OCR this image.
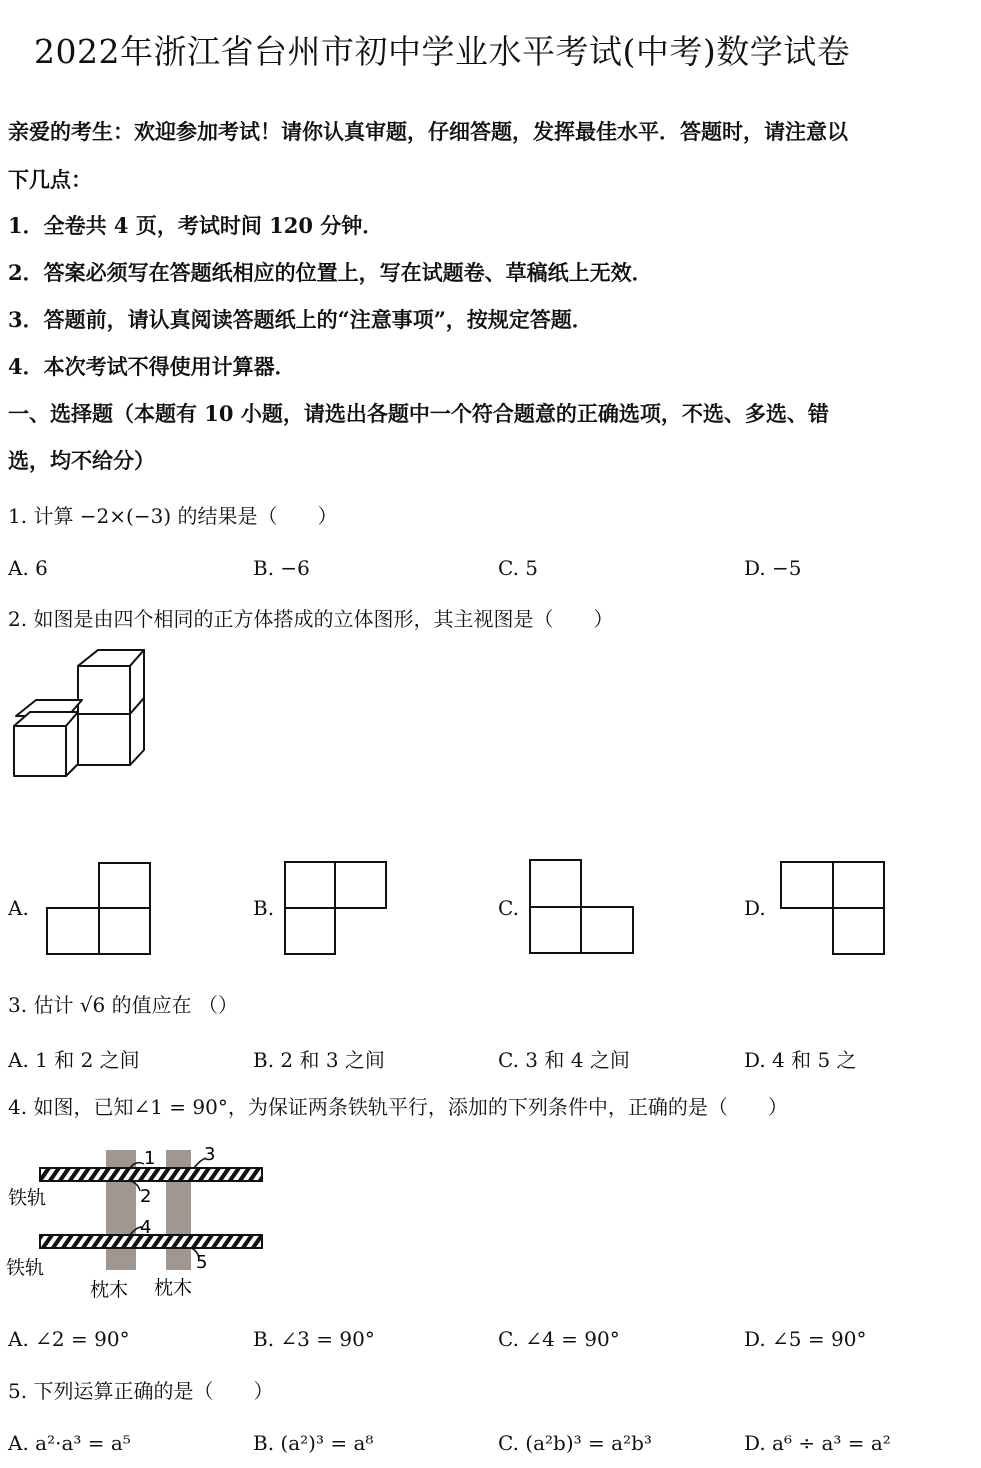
2022年浙江省台州市初中学业水平考试(中考)数学试卷
亲爱的考生：欢迎参加考试！请你认真审题，仔细答题，发挥最佳水平．答题时，请注意以
下几点：
1．全卷共 4 页，考试时间 120 分钟．
2．答案必须写在答题纸相应的位置上，写在试题卷、草稿纸上无效．
3．答题前，请认真阅读答题纸上的“注意事项”，按规定答题．
4．本次考试不得使用计算器．
一、选择题（本题有 10 小题，请选出各题中一个符合题意的正确选项，不选、多选、错
选，均不给分）
1. 计算 −2×(−3) 的结果是（　　）
A. 6	B. −6	C. 5	D. −5
2. 如图是由四个相同的正方体搭成的立体图形，其主视图是（　　）
A.	B.	C.	D.
3. 估计 √6 的值应在 （）
A. 1 和 2 之间	B. 2 和 3 之间	C. 3 和 4 之间	D. 4 和 5 之
4. 如图，已知∠1 = 90°，为保证两条铁轨平行，添加的下列条件中，正确的是（　　）
1
2
3
4
5
铁轨
铁轨
枕木 枕木
A. ∠2 = 90°	B. ∠3 = 90°	C. ∠4 = 90°	D. ∠5 = 90°
5. 下列运算正确的是（　　）
A. a²·a³ = a⁵	B. (a²)³ = a⁸	C. (a²b)³ = a²b³	D. a⁶ ÷ a³ = a²
